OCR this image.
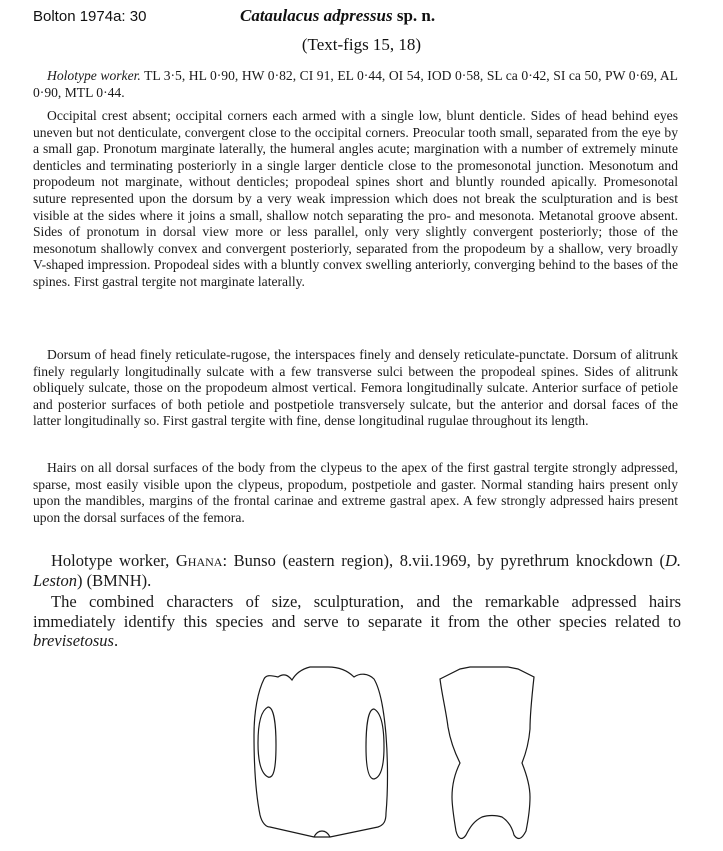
Bolton 1974a: 30	Cataulacus adpressus sp. n.
(Text-figs 15, 18)

Holotype worker. TL 3·5, HL 0·90, HW 0·82, CI 91, EL 0·44, OI 54, IOD 0·58, SL ca 0·42, SI ca 50, PW 0·69, AL 0·90, MTL 0·44.

Occipital crest absent; occipital corners each armed with a single low, blunt denticle. Sides of head behind eyes uneven but not denticulate, convergent close to the occipital corners. Preocular tooth small, separated from the eye by a small gap. Pronotum marginate laterally, the humeral angles acute; margination with a number of extremely minute denticles and terminating posteriorly in a single larger denticle close to the promesonotal junction. Mesonotum and propodeum not marginate, without denticles; propodeal spines short and bluntly rounded apically. Promesonotal suture represented upon the dorsum by a very weak impression which does not break the sculpturation and is best visible at the sides where it joins a small, shallow notch separating the pro- and mesonota. Metanotal groove absent. Sides of pronotum in dorsal view more or less parallel, only very slightly convergent posteriorly; those of the mesonotum shallowly convex and convergent posteriorly, separated from the propodeum by a shallow, very broadly V-shaped impression. Propodeal sides with a bluntly convex swelling anteriorly, converging behind to the bases of the spines. First gastral tergite not marginate laterally.

Dorsum of head finely reticulate-rugose, the interspaces finely and densely reticulate-punctate. Dorsum of alitrunk finely regularly longitudinally sulcate with a few transverse sulci between the propodeal spines. Sides of alitrunk obliquely sulcate, those on the propodeum almost vertical. Femora longitudinally sulcate. Anterior surface of petiole and posterior surfaces of both petiole and postpetiole transversely sulcate, but the anterior and dorsal faces of the latter longitudinally so. First gastral tergite with fine, dense longitudinal rugulae throughout its length.

Hairs on all dorsal surfaces of the body from the clypeus to the apex of the first gastral tergite strongly adpressed, sparse, most easily visible upon the clypeus, propodum, postpetiole and gaster. Normal standing hairs present only upon the mandibles, margins of the frontal carinae and extreme gastral apex. A few strongly adpressed hairs present upon the dorsal surfaces of the femora.

Holotype worker, Ghana: Bunso (eastern region), 8.vii.1969, by pyrethrum knockdown (D. Leston) (BMNH).

The combined characters of size, sculpturation, and the remarkable adpressed hairs immediately identify this species and serve to separate it from the other species related to brevisetosus.
